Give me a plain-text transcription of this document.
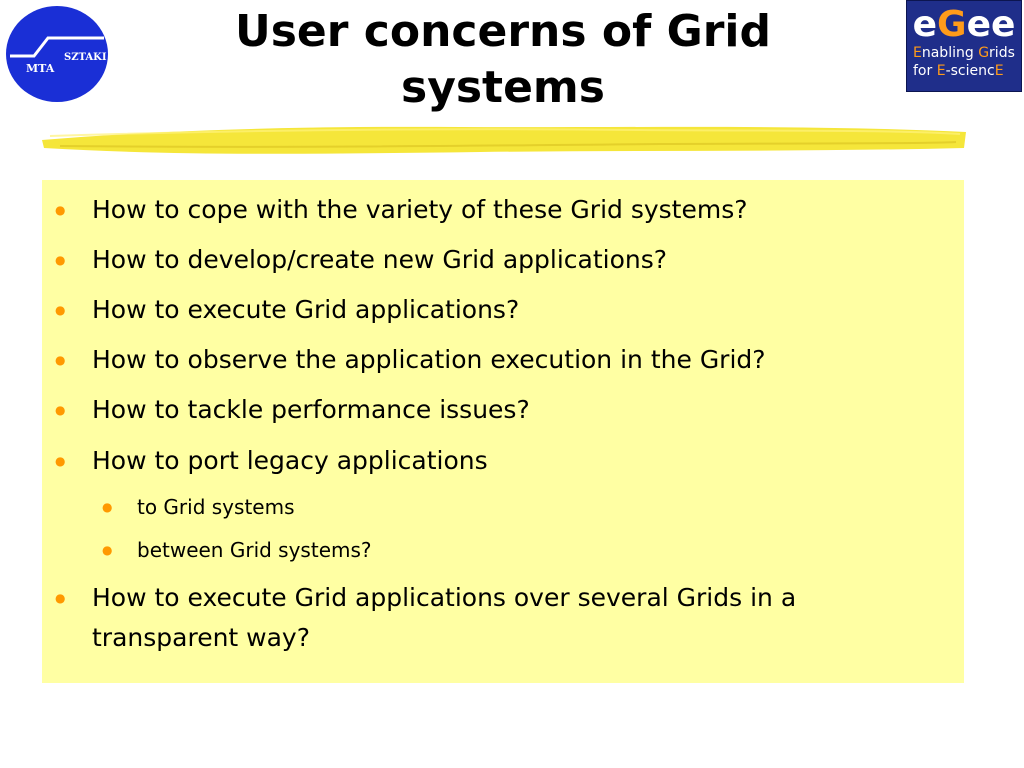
MTA
SZTAKI
User concerns of Grid systems
eGee
Enabling Grids
for E-sciencE
● How to cope with the variety of these Grid systems?
● How to develop/create new Grid applications?
● How to execute Grid applications?
● How to observe the application execution in the Grid?
● How to tackle performance issues?
● How to port legacy applications
● to Grid systems
● between Grid systems?
● How to execute Grid applications over several Grids in a transparent way?
